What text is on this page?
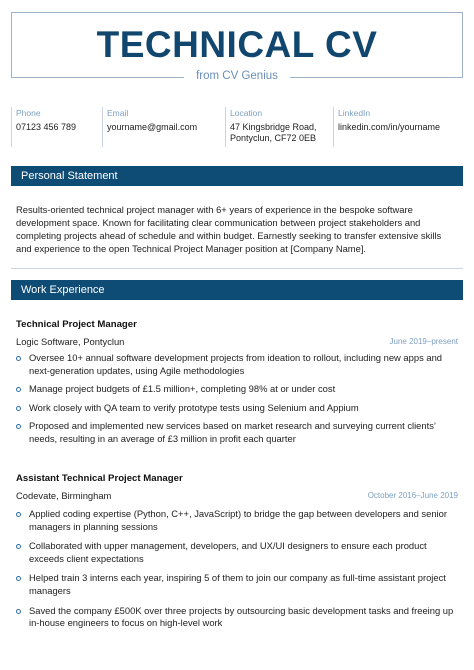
TECHNICAL CV
from CV Genius
Phone
07123 456 789
Email
yourname@gmail.com
Location
47 Kingsbridge Road, Pontyclun, CF72 0EB
LinkedIn
linkedin.com/in/yourname
Personal Statement
Results-oriented technical project manager with 6+ years of experience in the bespoke software development space. Known for facilitating clear communication between project stakeholders and completing projects ahead of schedule and within budget. Earnestly seeking to transfer extensive skills and experience to the open Technical Project Manager position at [Company Name].
Work Experience
Technical Project Manager
Logic Software, Pontyclun	June 2019–present
Oversee 10+ annual software development projects from ideation to rollout, including new apps and next-generation updates, using Agile methodologies
Manage project budgets of £1.5 million+, completing 98% at or under cost
Work closely with QA team to verify prototype tests using Selenium and Appium
Proposed and implemented new services based on market research and surveying current clients’ needs, resulting in an average of £3 million in profit each quarter
Assistant Technical Project Manager
Codevate, Birmingham	October 2016–June 2019
Applied coding expertise (Python, C++, JavaScript) to bridge the gap between developers and senior managers in planning sessions
Collaborated with upper management, developers, and UX/UI designers to ensure each product exceeds client expectations
Helped train 3 interns each year, inspiring 5 of them to join our company as full-time assistant project managers
Saved the company £500K over three projects by outsourcing basic development tasks and freeing up in-house engineers to focus on high-level work
